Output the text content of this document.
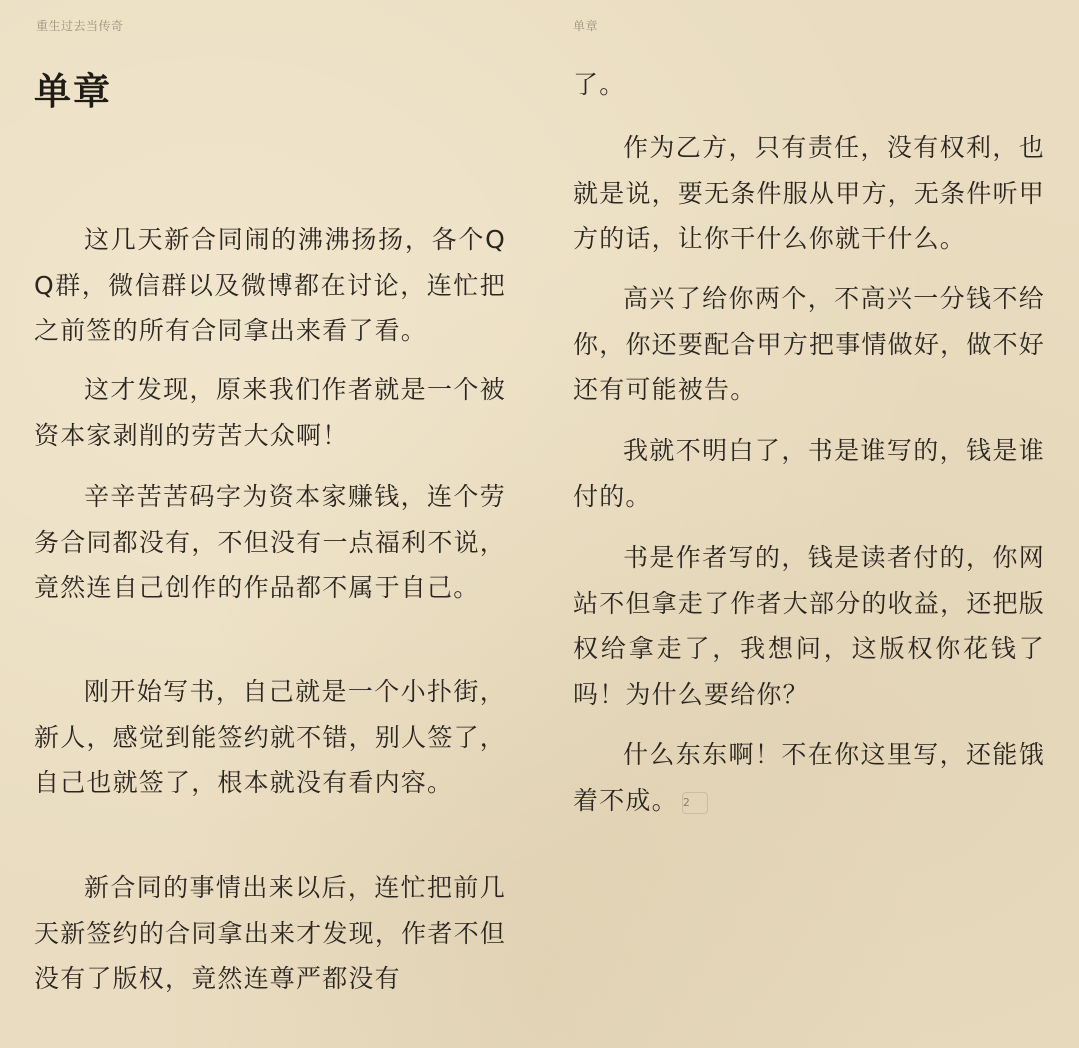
重生过去当传奇
单章

这几天新合同闹的沸沸扬扬，各个QQ群，微信群以及微博都在讨论，连忙把之前签的所有合同拿出来看了看。

这才发现，原来我们作者就是一个被资本家剥削的劳苦大众啊！

辛辛苦苦码字为资本家赚钱，连个劳务合同都没有，不但没有一点福利不说，竟然连自己创作的作品都不属于自己。

刚开始写书，自己就是一个小扑街，新人，感觉到能签约就不错，别人签了，自己也就签了，根本就没有看内容。

新合同的事情出来以后，连忙把前几天新签约的合同拿出来才发现，作者不但没有了版权，竟然连尊严都没有

单章

了。

作为乙方，只有责任，没有权利，也就是说，要无条件服从甲方，无条件听甲方的话，让你干什么你就干什么。

高兴了给你两个，不高兴一分钱不给你，你还要配合甲方把事情做好，做不好还有可能被告。

我就不明白了，书是谁写的，钱是谁付的。

书是作者写的，钱是读者付的，你网站不但拿走了作者大部分的收益，还把版权给拿走了，我想问，这版权你花钱了吗！为什么要给你？

什么东东啊！不在你这里写，还能饿着不成。 2
